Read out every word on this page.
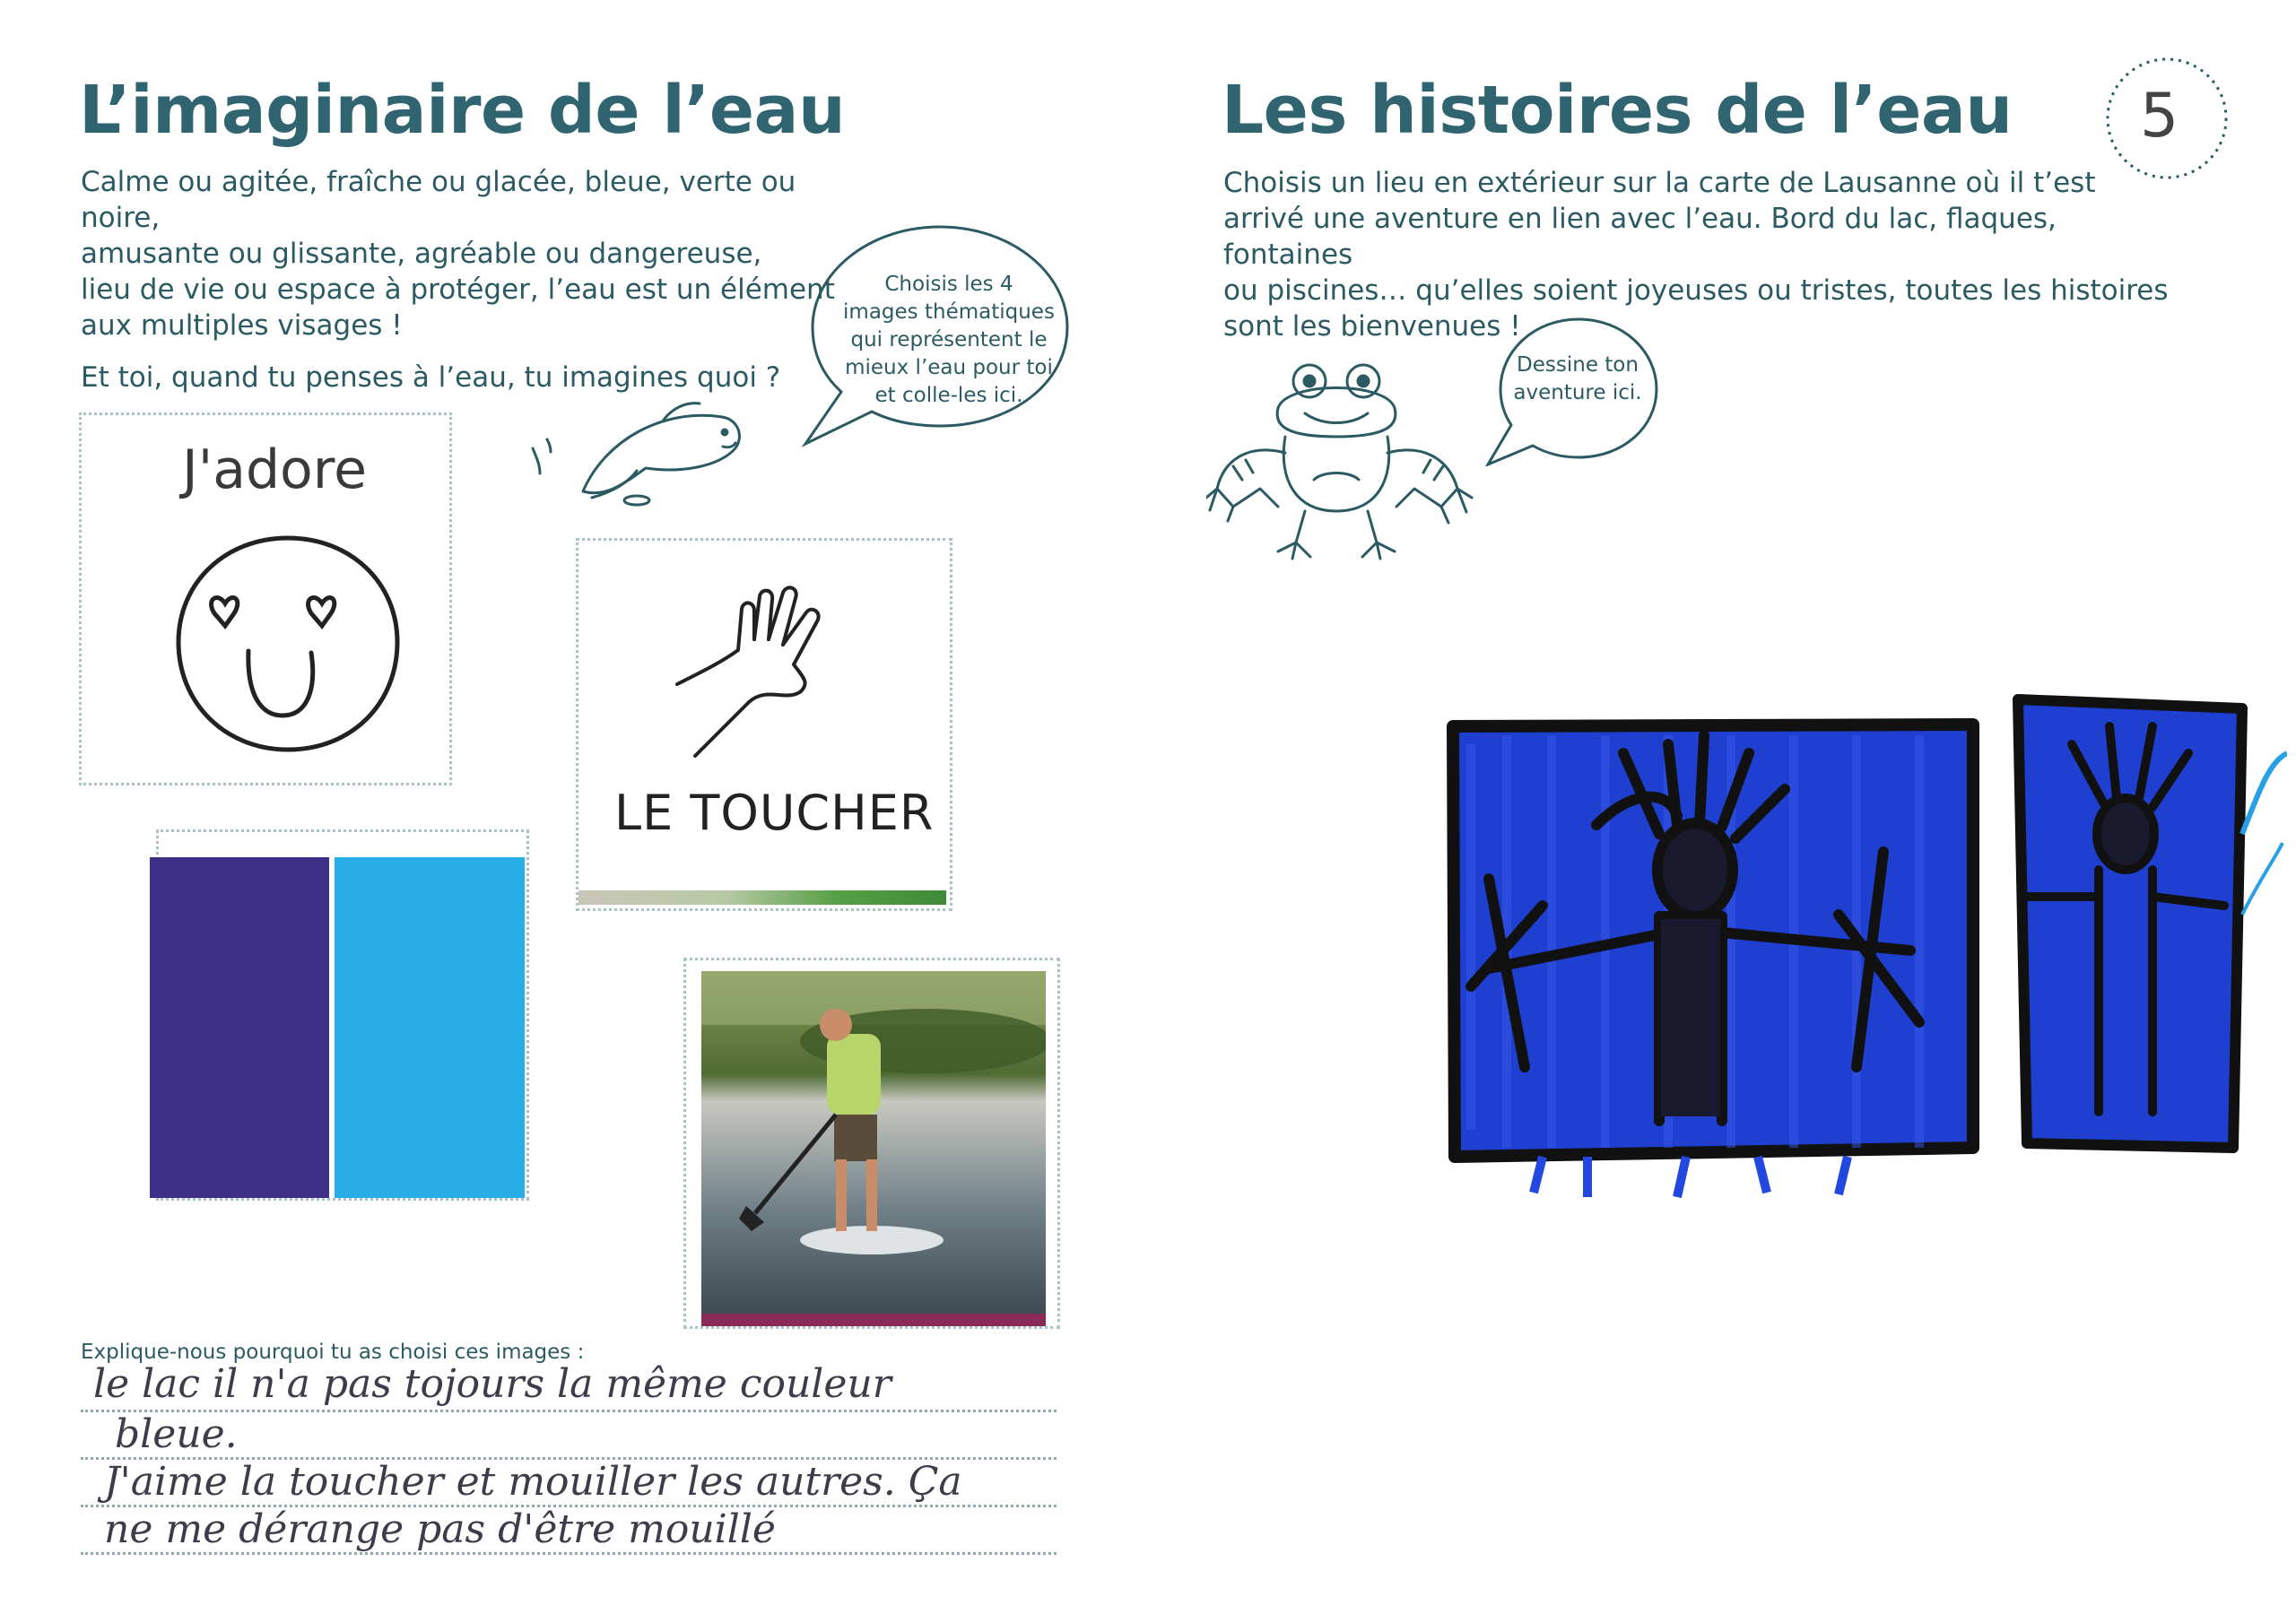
L’imaginaire de l’eau

Calme ou agitée, fraîche ou glacée, bleue, verte ou noire,

amusante ou glissante, agréable ou dangereuse,

lieu de vie ou espace à protéger, l’eau est un élément

aux multiples visages !

Et toi, quand tu penses à l’eau, tu imagines quoi ?

Choisis les 4
images thématiques
qui représentent le
mieux l’eau pour toi
et colle-les ici.
J'adore
LE TOUCHER
Explique-nous pourquoi tu as choisi ces images :
le lac il n'a pas tojours la même couleur
bleue.
J'aime la toucher et mouiller les autres. Ça
ne me dérange pas d'être mouillé
Les histoires de l’eau 5

Choisis un lieu en extérieur sur la carte de Lausanne où il t’est

arrivé une aventure en lien avec l’eau. Bord du lac, flaques, fontaines

ou piscines… qu’elles soient joyeuses ou tristes, toutes les histoires

sont les bienvenues !

Dessine ton
aventure ici.
